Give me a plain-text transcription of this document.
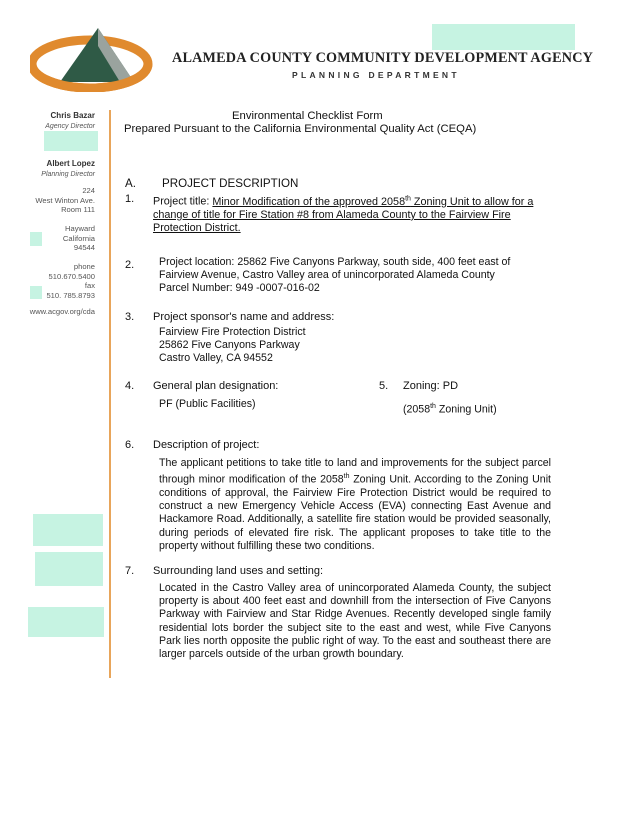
ALAMEDA COUNTY COMMUNITY DEVELOPMENT AGENCY
PLANNING DEPARTMENT
Chris Bazar
Agency Director
Albert Lopez
Planning Director
224
West Winton Ave.
Room 111

Hayward
California
94544
phone
510.670.5400
fax
510. 785.8793
www.acgov.org/cda
Environmental Checklist Form
Prepared Pursuant to the California Environmental Quality Act (CEQA)
A. PROJECT DESCRIPTION
1. Project title: Minor Modification of the approved 2058th Zoning Unit to allow for a
change of title for Fire Station #8 from Alameda County to the Fairview Fire
Protection District.
2. Project location: 25862 Five Canyons Parkway, south side, 400 feet east of
Fairview Avenue, Castro Valley area of unincorporated Alameda County
Parcel Number: 949 -0007-016-02
3. Project sponsor's name and address:
Fairview Fire Protection District
25862 Five Canyons Parkway
Castro Valley, CA 94552
4. General plan designation:
PF (Public Facilities)
5. Zoning: PD
(2058th Zoning Unit)
6. Description of project:
The applicant petitions to take title to land and improvements for the subject parcel through minor modification of the 2058th Zoning Unit. According to the Zoning Unit conditions of approval, the Fairview Fire Protection District would be required to construct a new Emergency Vehicle Access (EVA) connecting East Avenue and Hackamore Road. Additionally, a satellite fire station would be provided seasonally, during periods of elevated fire risk. The applicant proposes to take title to the property without fulfilling these two conditions.
7. Surrounding land uses and setting:
Located in the Castro Valley area of unincorporated Alameda County, the subject property is about 400 feet east and downhill from the intersection of Five Canyons Parkway with Fairview and Star Ridge Avenues. Recently developed single family residential lots border the subject site to the east and west, while Five Canyons Park lies north opposite the public right of way. To the east and southeast there are larger parcels outside of the urban growth boundary.
